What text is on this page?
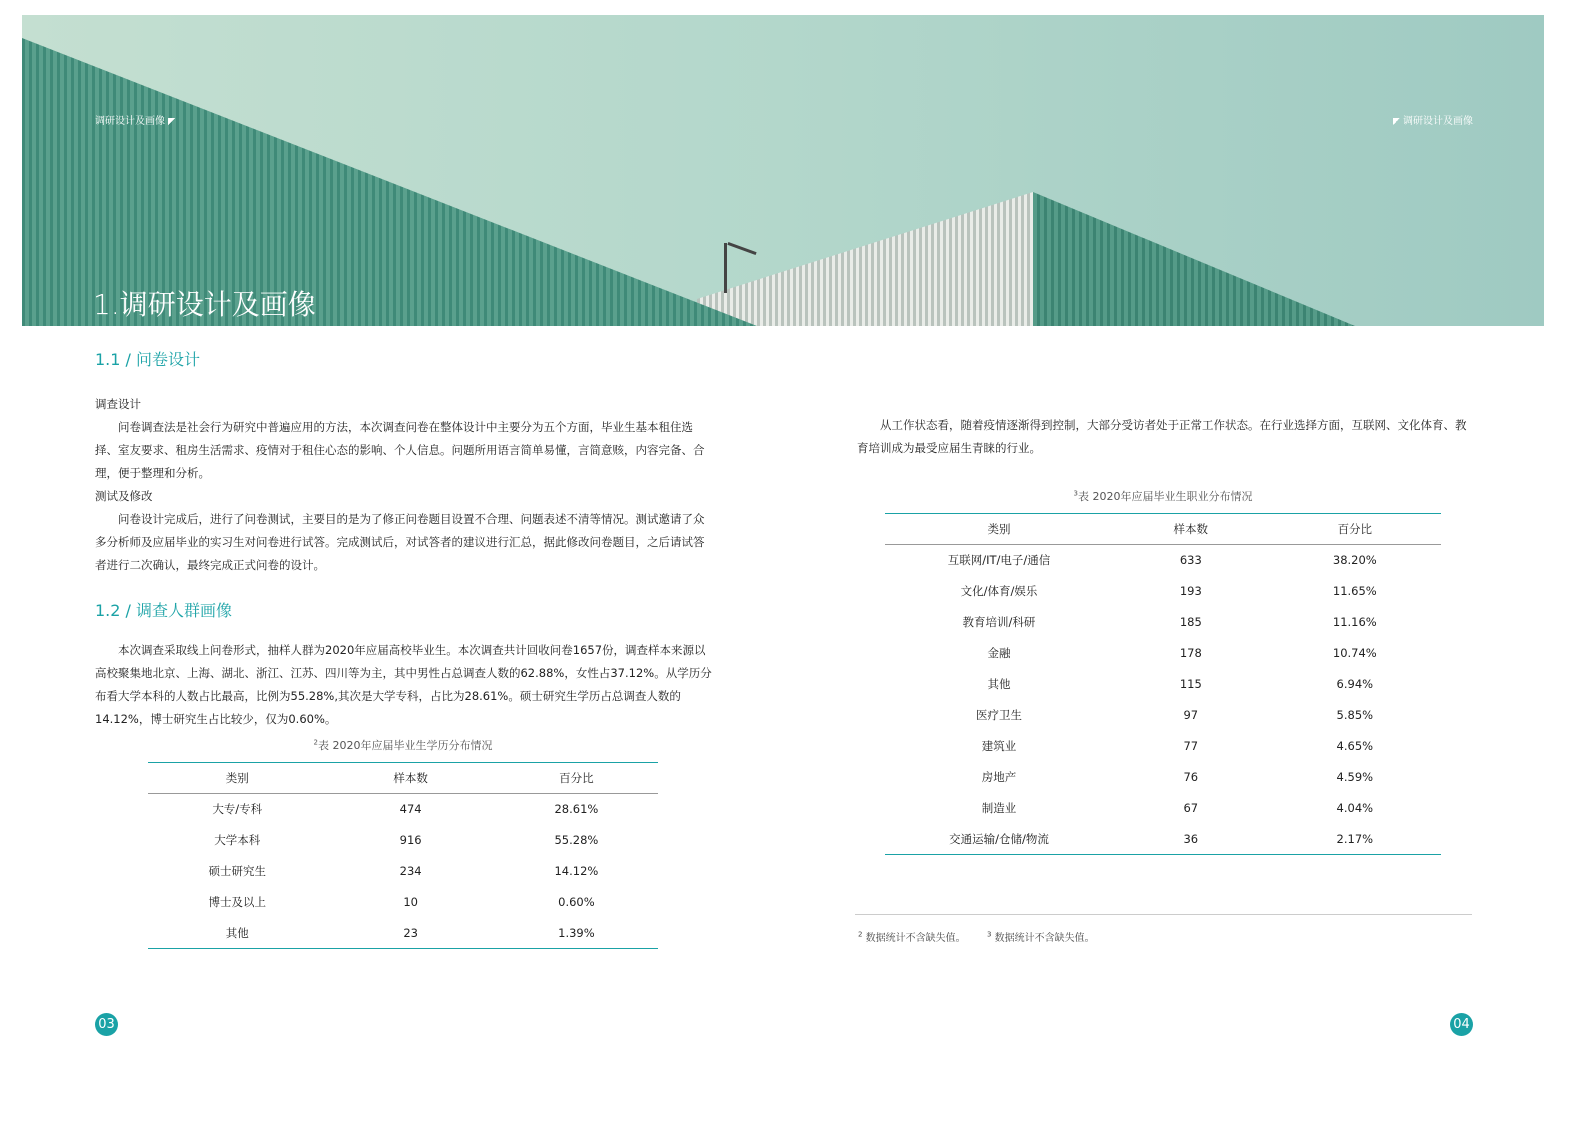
调研设计及画像	调研设计及画像
1.调研设计及画像
1.1 / 问卷设计

调查设计

问卷调查法是社会行为研究中普遍应用的方法，本次调查问卷在整体设计中主要分为五个方面，毕业生基本租住选择、室友要求、租房生活需求、疫情对于租住心态的影响、个人信息。问题所用语言简单易懂，言简意赅，内容完备、合理，便于整理和分析。

测试及修改

问卷设计完成后，进行了问卷测试，主要目的是为了修正问卷题目设置不合理、问题表述不清等情况。测试邀请了众多分析师及应届毕业的实习生对问卷进行试答。完成测试后，对试答者的建议进行汇总，据此修改问卷题目，之后请试答者进行二次确认，最终完成正式问卷的设计。

1.2 / 调查人群画像

本次调查采取线上问卷形式，抽样人群为2020年应届高校毕业生。本次调查共计回收问卷1657份，调查样本来源以高校聚集地北京、上海、湖北、浙江、江苏、四川等为主，其中男性占总调查人数的62.88%，女性占37.12%。从学历分布看大学本科的人数占比最高，比例为55.28%,其次是大学专科，占比为28.61%。硕士研究生学历占总调查人数的14.12%，博士研究生占比较少，仅为0.60%。

$^2$表 2020年应届毕业生学历分布情况
类别	样本数	百分比
大专/专科	474	28.61%
大学本科	916	55.28%
硕士研究生	234	14.12%
博士及以上	10	0.60%
其他	23	1.39%

从工作状态看，随着疫情逐渐得到控制，大部分受访者处于正常工作状态。在行业选择方面，互联网、文化体育、教育培训成为最受应届生青睐的行业。

$^3$表 2020年应届毕业生职业分布情况
类别	样本数	百分比
互联网/IT/电子/通信	633	38.20%
文化/体育/娱乐	193	11.65%
教育培训/科研	185	11.16%
金融	178	10.74%
其他	115	6.94%
医疗卫生	97	5.85%
建筑业	77	4.65%
房地产	76	4.59%
制造业	67	4.04%
交通运输/仓储/物流	36	2.17%
$^2$ 数据统计不含缺失值。	$^3$ 数据统计不含缺失值。
03	04
